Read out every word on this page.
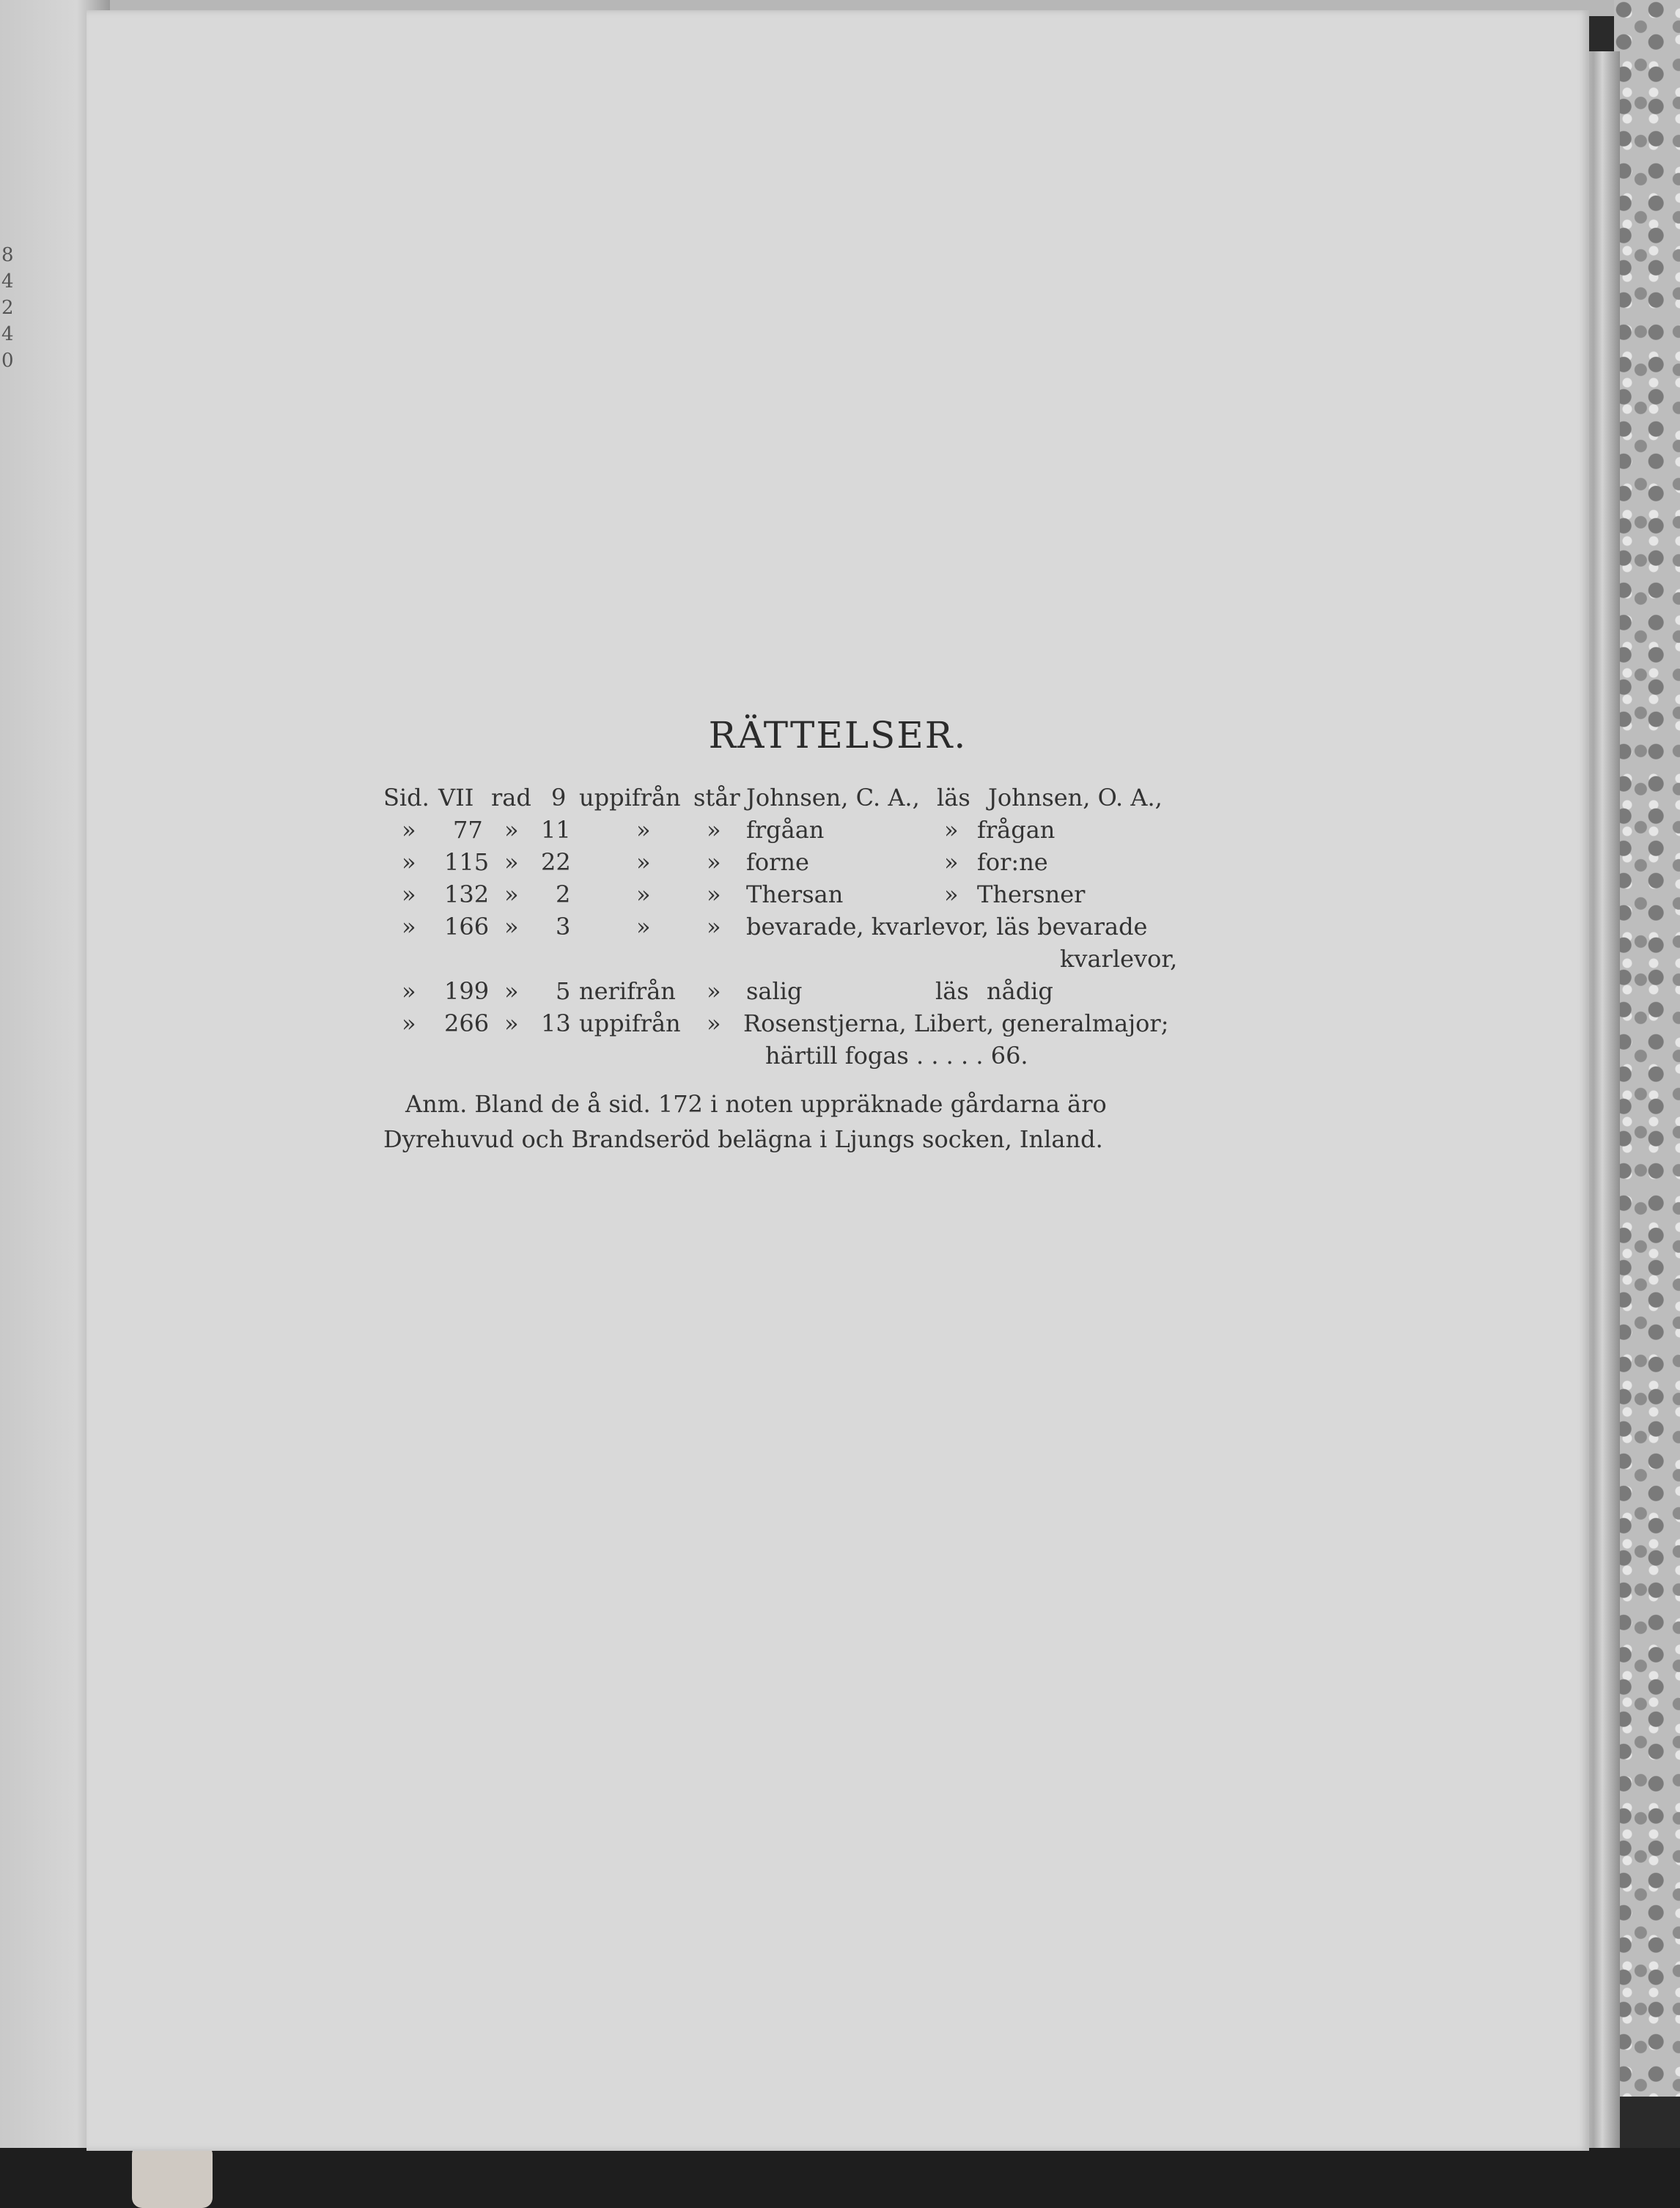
8
4
2
4
0
RÄTTELSER.
Sid. VII rad 9 uppifrån står Johnsen, C. A., läs Johnsen, O. A.,
» 77 » 11	» » frgåan	» frågan
» 115 » 22	» » forne	» for:ne
» 132 » 2	» » Thersan	» Thersner
» 166 » 3	» » bevarade, kvarlevor, läs bevarade
kvarlevor,
» 199 » 5 nerifrån » salig	läs nådig
» 266 » 13 uppifrån » Rosenstjerna, Libert, generalmajor;
härtill fogas . . . . . 66.
Anm. Bland de å sid. 172 i noten uppräknade gårdarna äro
Dyrehuvud och Brandseröd belägna i Ljungs socken, Inland.
